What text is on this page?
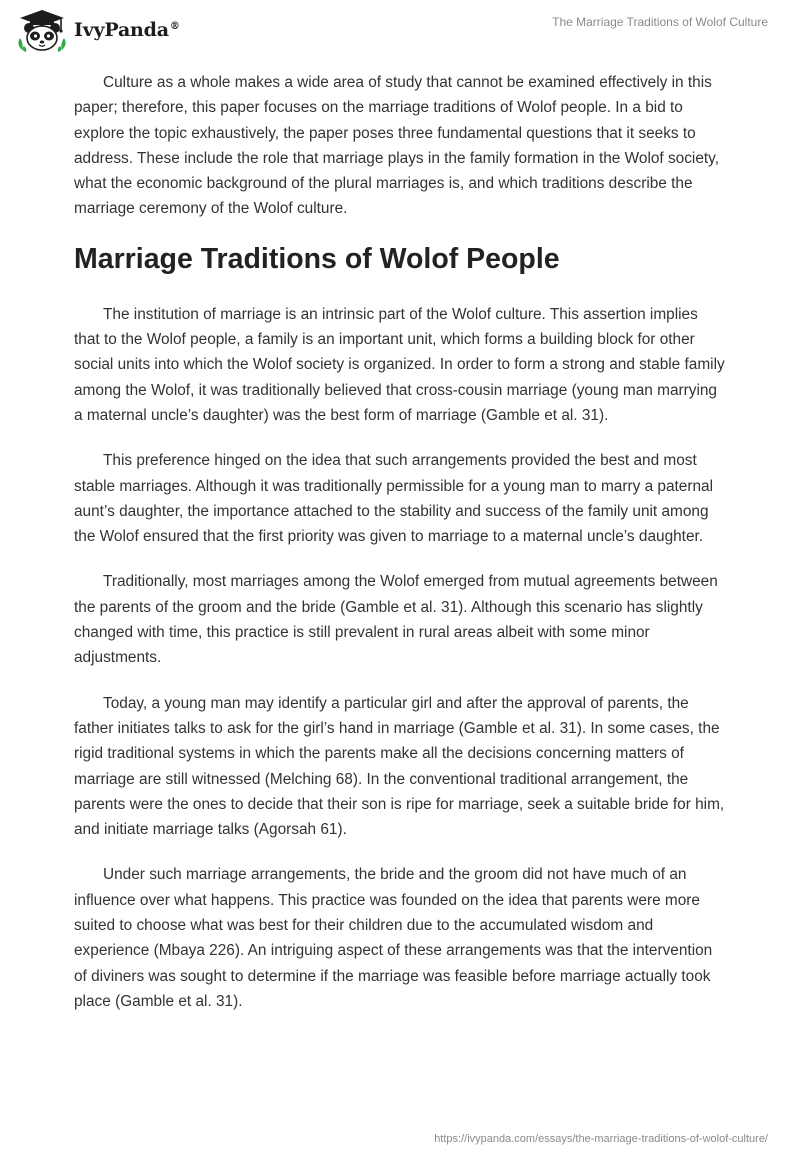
IvyPanda®	The Marriage Traditions of Wolof Culture

Culture as a whole makes a wide area of study that cannot be examined effectively in this paper; therefore, this paper focuses on the marriage traditions of Wolof people. In a bid to explore the topic exhaustively, the paper poses three fundamental questions that it seeks to address. These include the role that marriage plays in the family formation in the Wolof society, what the economic background of the plural marriages is, and which traditions describe the marriage ceremony of the Wolof culture.

Marriage Traditions of Wolof People

The institution of marriage is an intrinsic part of the Wolof culture. This assertion implies that to the Wolof people, a family is an important unit, which forms a building block for other social units into which the Wolof society is organized. In order to form a strong and stable family among the Wolof, it was traditionally believed that cross-cousin marriage (young man marrying a maternal uncle’s daughter) was the best form of marriage (Gamble et al. 31).

This preference hinged on the idea that such arrangements provided the best and most stable marriages. Although it was traditionally permissible for a young man to marry a paternal aunt’s daughter, the importance attached to the stability and success of the family unit among the Wolof ensured that the first priority was given to marriage to a maternal uncle’s daughter.

Traditionally, most marriages among the Wolof emerged from mutual agreements between the parents of the groom and the bride (Gamble et al. 31). Although this scenario has slightly changed with time, this practice is still prevalent in rural areas albeit with some minor adjustments.

Today, a young man may identify a particular girl and after the approval of parents, the father initiates talks to ask for the girl’s hand in marriage (Gamble et al. 31). In some cases, the rigid traditional systems in which the parents make all the decisions concerning matters of marriage are still witnessed (Melching 68). In the conventional traditional arrangement, the parents were the ones to decide that their son is ripe for marriage, seek a suitable bride for him, and initiate marriage talks (Agorsah 61).

Under such marriage arrangements, the bride and the groom did not have much of an influence over what happens. This practice was founded on the idea that parents were more suited to choose what was best for their children due to the accumulated wisdom and experience (Mbaya 226). An intriguing aspect of these arrangements was that the intervention of diviners was sought to determine if the marriage was feasible before marriage actually took place (Gamble et al. 31).

https://ivypanda.com/essays/the-marriage-traditions-of-wolof-culture/
